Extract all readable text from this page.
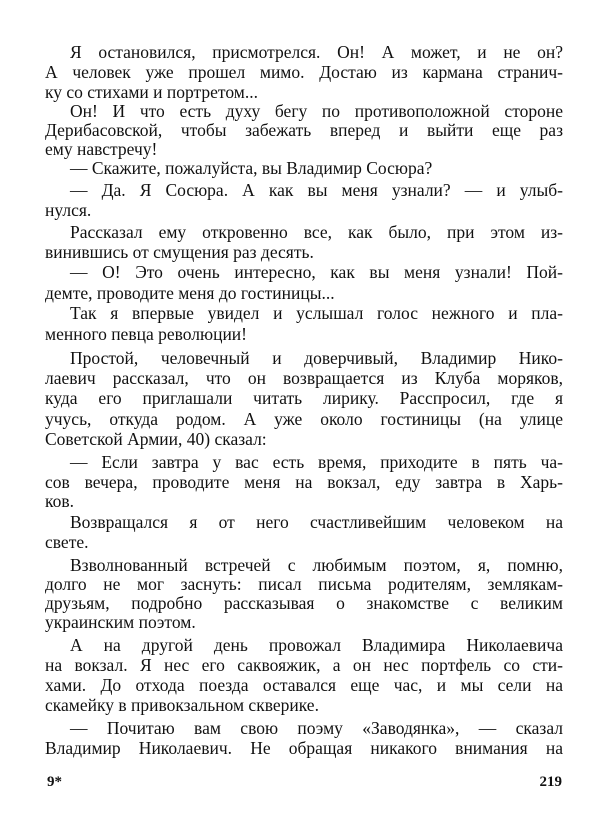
Я остановился, присмотрелся. Он! А может, и не он?
А человек уже прошел мимо. Достаю из кармана странич-
ку со стихами и портретом...
Он! И что есть духу бегу по противоположной стороне
Дерибасовской, чтобы забежать вперед и выйти еще раз
ему навстречу!
— Скажите, пожалуйста, вы Владимир Сосюра?
— Да. Я Сосюра. А как вы меня узнали? — и улыб-
нулся.
Рассказал ему откровенно все, как было, при этом из-
винившись от смущения раз десять.
— О! Это очень интересно, как вы меня узнали! Пой-
демте, проводите меня до гостиницы...
Так я впервые увидел и услышал голос нежного и пла-
менного певца революции!
Простой, человечный и доверчивый, Владимир Нико-
лаевич рассказал, что он возвращается из Клуба моряков,
куда его приглашали читать лирику. Расспросил, где я
учусь, откуда родом. А уже около гостиницы (на улице
Советской Армии, 40) сказал:
— Если завтра у вас есть время, приходите в пять ча-
сов вечера, проводите меня на вокзал, еду завтра в Харь-
ков.
Возвращался я от него счастливейшим человеком на
свете.
Взволнованный встречей с любимым поэтом, я, помню,
долго не мог заснуть: писал письма родителям, землякам-
друзьям, подробно рассказывая о знакомстве с великим
украинским поэтом.
А на другой день провожал Владимира Николаевича
на вокзал. Я нес его саквояжик, а он нес портфель со сти-
хами. До отхода поезда оставался еще час, и мы сели на
скамейку в привокзальном скверике.
— Почитаю вам свою поэму «Заводянка», — сказал
Владимир Николаевич. Не обращая никакого внимания на
9*	219
